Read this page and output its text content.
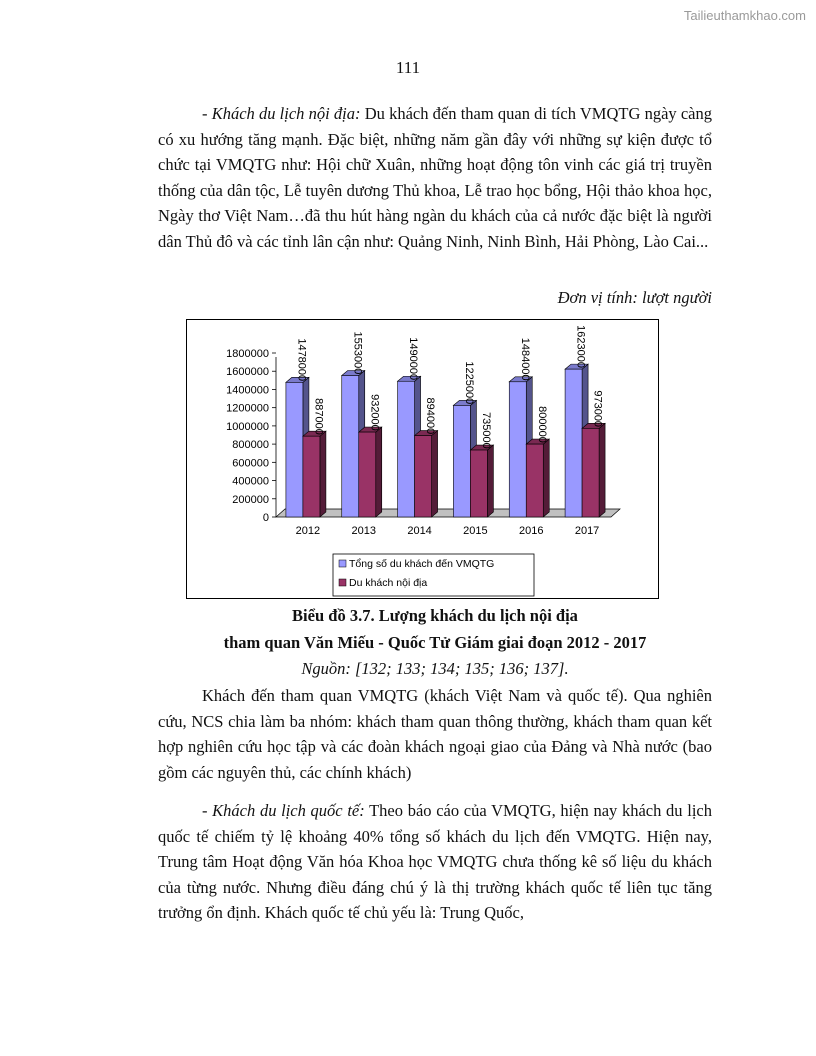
Tailieuthamkhao.com
111

- Khách du lịch nội địa: Du khách đến tham quan di tích VMQTG ngày càng có xu hướng tăng mạnh. Đặc biệt, những năm gần đây với những sự kiện được tổ chức tại VMQTG như: Hội chữ Xuân, những hoạt động tôn vinh các giá trị truyền thống của dân tộc, Lễ tuyên dương Thủ khoa, Lễ trao học bổng, Hội thảo khoa học, Ngày thơ Việt Nam…đã thu hút hàng ngàn du khách của cả nước đặc biệt là người dân Thủ đô và các tỉnh lân cận như: Quảng Ninh, Ninh Bình, Hải Phòng, Lào Cai...

Đơn vị tính: lượt người
0
200000
400000
600000
800000
1000000
1200000
1400000
1600000
1800000 1478000
887000
2012
1553000
932000
2013
1490000
894000
2014
1225000
735000
2015
1484000
800000
2016
1623000
973000
2017
Tổng số du khách đến VMQTG
Du khách nội địa
Biểu đồ 3.7. Lượng khách du lịch nội địa
tham quan Văn Miếu - Quốc Tử Giám giai đoạn 2012 - 2017
Nguồn: [132; 133; 134; 135; 136; 137].

Khách đến tham quan VMQTG (khách Việt Nam và quốc tế). Qua nghiên cứu, NCS chia làm ba nhóm: khách tham quan thông thường, khách tham quan kết hợp nghiên cứu học tập và các đoàn khách ngoại giao của Đảng và Nhà nước (bao gồm các nguyên thủ, các chính khách)

- Khách du lịch quốc tế: Theo báo cáo của VMQTG, hiện nay khách du lịch quốc tế chiếm tỷ lệ khoảng 40% tổng số khách du lịch đến VMQTG. Hiện nay, Trung tâm Hoạt động Văn hóa Khoa học VMQTG chưa thống kê số liệu du khách của từng nước. Nhưng điều đáng chú ý là thị trường khách quốc tế liên tục tăng trưởng ổn định. Khách quốc tế chủ yếu là: Trung Quốc,
